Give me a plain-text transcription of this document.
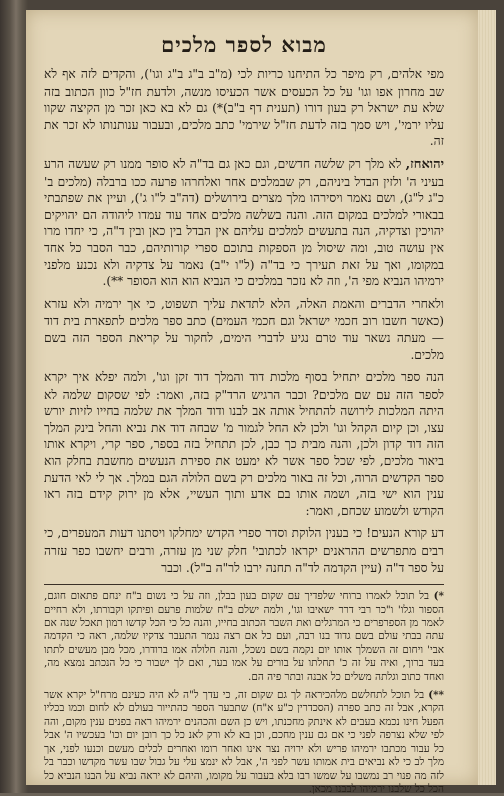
מבוא לספר מלכים

מפי אלהים, רק מיפר כל התיחנו כריות לכי (מ"ב ב"ג ב"ג וגו'), והקדים לזה אף לא שב מחרון אפו וגו' על כל הכעסים אשר הכעיסו מנשה, ולדעת חז"ל כוון הכתוב בזה שלא עת ישראל רק בעון דורו (תענית דף ב"ב)*) גם לא בא כאן זכר מן הקיצה שקוו עליו ירמי', ויש סמך בזה לדעת חז"ל שירמי' כתב מלכים, ובעבור ענותנותו לא זכר את זה.

יהואחז, לא מלך רק שלשה חדשים, וגם כאן גם בד"ה לא סופר ממנו רק שעשה הרע בעיני ה' ולזין הבדל ביניהם, רק שבמלכים אחר ואלחרהו פרעה ככו ברבלה (מלכים ב' כ"ג ל"ג), ושם נאמר ויסירהו מלך מצרים בירושלים (דה"ב ל"ו ג'), ועיין את שפתבתי בבאורי למלכים במקום הזה. והנה בשלשה מלכים אחד עוד עמדו ליהודה הם יהויקים יהויכין וצדקיה, הנה בתעשים למלכים עליהם אין הבדל בין כאן ובין ד"ה, כי יחדו מרו אין עושה טוב, ומה שיסול מן הספקות בתוכם ספרי קורותיהם, כבר הסבר כל אחד במקומו, ואך על זאת תעירך כי בד"ה (ל"ו י"ב) נאמר על צדקיה ולא נכנע מלפני ירמיהו הנביא מפי ה', וזה לא נזכר במלכים כי הנביא הוא הוא הסופר **).

ולאחרי הדברים והאמת האלה, הלא לתדאת עליך תשפוט, כי אך ירמיה ולא עזרא (כאשר חשבו רוב חכמי ישראל וגם חכמי העמים) כתב ספר מלכים לתפארת בית דוד — מעתה נשאר עוד טרם נגיע לדברי הימים, לחקור על קריאת הספר הזה בשם מלכים.

הנה ספר מלכים יתחיל בסוף מלכות דוד והמלך דוד זקן וגו', ולמה יפלא איך יקרא לספר הזה עם שם מלכים? וכבר הרגיש הרד"ק בזה, ואמר: לפי שסקום שלמה לא היתה המלכות לירושה להתחיל אותה אב לבנו ודוד המלך את שלמה בחייו לזיות יורש עצו, וכן קיום הקהל וגו' ולכן לא החל לגמור מ' שבחה דוד את נביא והחל בינק המלך הזה דוד קדון ולכן, והנה מבית כך כבן, לכן תתחיל בזה בספר, ספר קרי, ויקרא אותו ביאור מלכים, לפי שכל ספר אשר לא ימעט את ספירת הנעשים מחשבת בחלק הוא ספר הקדשים הרוה, וכל זה באור מלכים רק בשם הלולה הגם במלך. אך לי לאי הדעת ענין הוא ישי בזה, ושמה אותו בם אדע ותוך העשיי, אלא מן ירוק קידם בזה ראו הקודש ולשמוע שכחם, ואמר:

דע קורא הנעים! כי בענין הלוקת וסדר ספרי הקדש ימחלקו ויסתנו דעות המעפרים, כי רבים מתפרשים ההראנים יקראו לכתובי' חלק שני מן עזרה, ורבים יחשבו כפר עזרה על ספר ד"ה (עיין הקדמה לד"ה תחנה ירבו לר"ה ב"ל). וכבר

*) בל תוכל לאמרו ברוחי שלפדיך עם שקום בעון בבלן, וזה על כי נשום ב"ח ינחם פתאום חוגם, הספור וגלו' ו"כר רבי דרר ישאיבו וגו', ולמה ישלם ב"ח שלמות פרעם ופיתקו וקבורתו, ולא רחיים לאמר מן הספרפרים כי המרגלים ואת השבר הכתוב בחייו, והנה כל כי הכל קדשו רמון תאכל שנה אם עתה בבתי עולם בשם גדוד בנו רבה, ועם כל אם רצה נגמר התעבר צדקיו שלמה, ראה כי הקדמה אבי' ויחום זה השמלך אותו יום נקמה בשם נשכל, והנה חלולה אמו ברודרו, מכל מבן מעשים לתתו בעד ברוך, ואיה על זה כ' תחלתו על בורים על אמו בער, ואם לך ישבור כי כל הנכתב נמצא מה, ואחד כתוב וגלתה משלים כל אבנה ובתר פיה הם.

**) בל תוכל לתחלשם מלהכיראה לך גם שקום זה, כי עדך ל"ה לא היה כעינם מרח"ל יקרא אשר הקרא, אבל זה כתב ספרה (הסכדרין כ"ע א"ח) שתבער הספר כהתייור בעולם לא לחום וכמו בכליו הפעל חינו נכמא בעבים לא אינתק מחכנתו, ויש כן השם והכהנים ירמיהו ראה בפנים ענין מקום, והה לפי שלא נצרפה לפני כי אם גם ענין מחכם, וכן בא לא ורק לאנ כל כך רובן יום וכו' בעכשיו ה' אבל כל עבור מכתבו ירמיהו פריש ולא ירויה נצר אינו ואחר רומו ואחרים לכלים מעשם וכנעו לפני, אך מלך לב כי לא נביאים בית אמותו עשר לפני ה', אבל לא ינמצ עלי על גבול שבו עשר מקדשו וכבר בל לזה מה פנוי רב נמשבו על שמשו רבו בלא בעבור על מקומו, והיהם לא יראה נביא על הבנו הנביא כל הכל כל שלבנו ירמיהו לבבנו מכאן.
